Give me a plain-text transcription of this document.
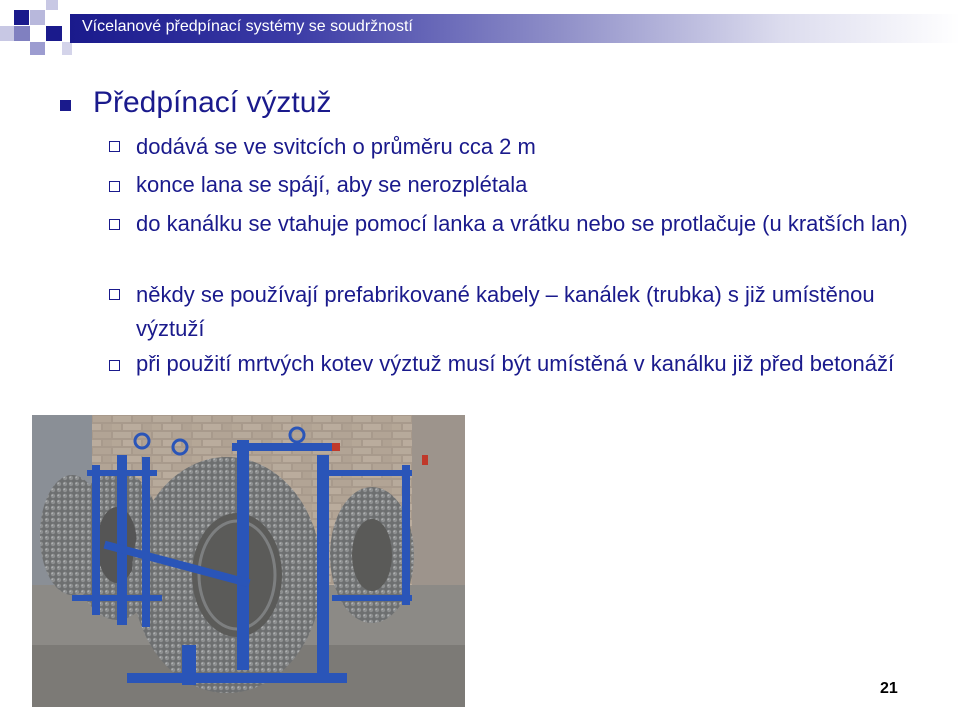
Vícelanové předpínací systémy se soudržností
Předpínací výztuž
dodává se ve svitcích o průměru cca 2 m
konce lana se spájí, aby se nerozplétala
do kanálku se vtahuje pomocí lanka a vrátku nebo se protlačuje (u kratších lan)
někdy se používají prefabrikované kabely – kanálek (trubka) s již umístěnou výztuží
při použití mrtvých kotev výztuž musí být umístěná v kanálku již před betonáží
21
